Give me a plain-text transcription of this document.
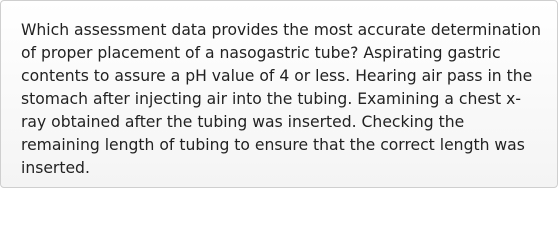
Which assessment data provides the most accurate determination of proper placement of a nasogastric tube? Aspirating gastric contents to assure a pH value of 4 or less. Hearing air pass in the stomach after injecting air into the tubing. Examining a chest x-ray obtained after the tubing was inserted. Checking the remaining length of tubing to ensure that the correct length was inserted.
